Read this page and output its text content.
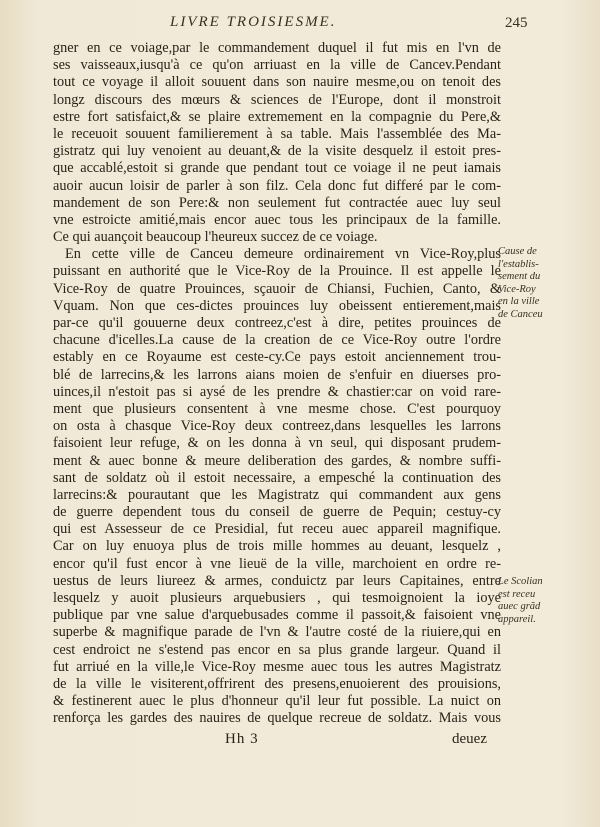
LIVRE TROISIESME.	245
gner en ce voiage,par le commandement duquel il fut mis en l'vn de
ses vaisseaux,iusqu'à ce qu'on arriuast en la ville de Cancev.Pendant
tout ce voyage il alloit souuent dans son nauire mesme,ou on tenoit des
longz discours des mœurs & sciences de l'Europe, dont il monstroit
estre fort satisfaict,& se plaire extremement en la compagnie du Pere,&
le receuoit souuent familierement à sa table. Mais l'assemblée des Ma-
gistratz qui luy venoient au deuant,& de la visite desquelz il estoit pres-
que accablé,estoit si grande que pendant tout ce voiage il ne peut iamais
auoir aucun loisir de parler à son filz. Cela donc fut differé par le com-
mandement de son Pere:& non seulement fut contractée auec luy seul
vne estroicte amitié,mais encor auec tous les principaux de la famille.
Ce qui auançoit beaucoup l'heureux succez de ce voiage.
En cette ville de Canceu demeure ordinairement vn Vice-Roy,plus
puissant en authorité que le Vice-Roy de la Prouince. Il est appelle le
Vice-Roy de quatre Prouinces, sçauoir de Chiansi, Fuchien, Canto, &
Vquam. Non que ces-dictes prouinces luy obeissent entierement,mais
par-ce qu'il gouuerne deux contreez,c'est à dire, petites prouinces de
chacune d'icelles.La cause de la creation de ce Vice-Roy outre l'ordre
estably en ce Royaume est ceste-cy.Ce pays estoit anciennement trou-
blé de larrecins,& les larrons aians moien de s'enfuir en diuerses pro-
uinces,il n'estoit pas si aysé de les prendre & chastier:car on void rare-
ment que plusieurs consentent à vne mesme chose. C'est pourquoy
on osta à chasque Vice-Roy deux contreez,dans lesquelles les larrons
faisoient leur refuge, & on les donna à vn seul, qui disposant prudem-
ment & auec bonne & meure deliberation des gardes, & nombre suffi-
sant de soldatz où il estoit necessaire, a empesché la continuation des
larrecins:& pourautant que les Magistratz qui commandent aux gens
de guerre dependent tous du conseil de guerre de Pequin; cestuy-cy
qui est Assesseur de ce Presidial, fut receu auec appareil magnifique.
Car on luy enuoya plus de trois mille hommes au deuant, lesquelz ,
encor qu'il fust encor à vne lieuë de la ville, marchoient en ordre re-
uestus de leurs liureez & armes, conduictz par leurs Capitaines, entre
lesquelz y auoit plusieurs arquebusiers , qui tesmoignoient la ioye
publique par vne salue d'arquebusades comme il passoit,& faisoient vne
superbe & magnifique parade de l'vn & l'autre costé de la riuiere,qui en
cest endroict ne s'estend pas encor en sa plus grande largeur. Quand il
fut arriué en la ville,le Vice-Roy mesme auec tous les autres Magistratz
de la ville le visiterent,offrirent des presens,enuoierent des prouisions,
& festinerent auec le plus d'honneur qu'il leur fut possible. La nuict on
renforça les gardes des nauires de quelque recreue de soldatz. Mais vous
Cause de
l'establis-
sement du
Vice-Roy
en la ville
de Canceu
Le Scolian
est receu
auec grãd
appareil.
Hh 3	deuez
